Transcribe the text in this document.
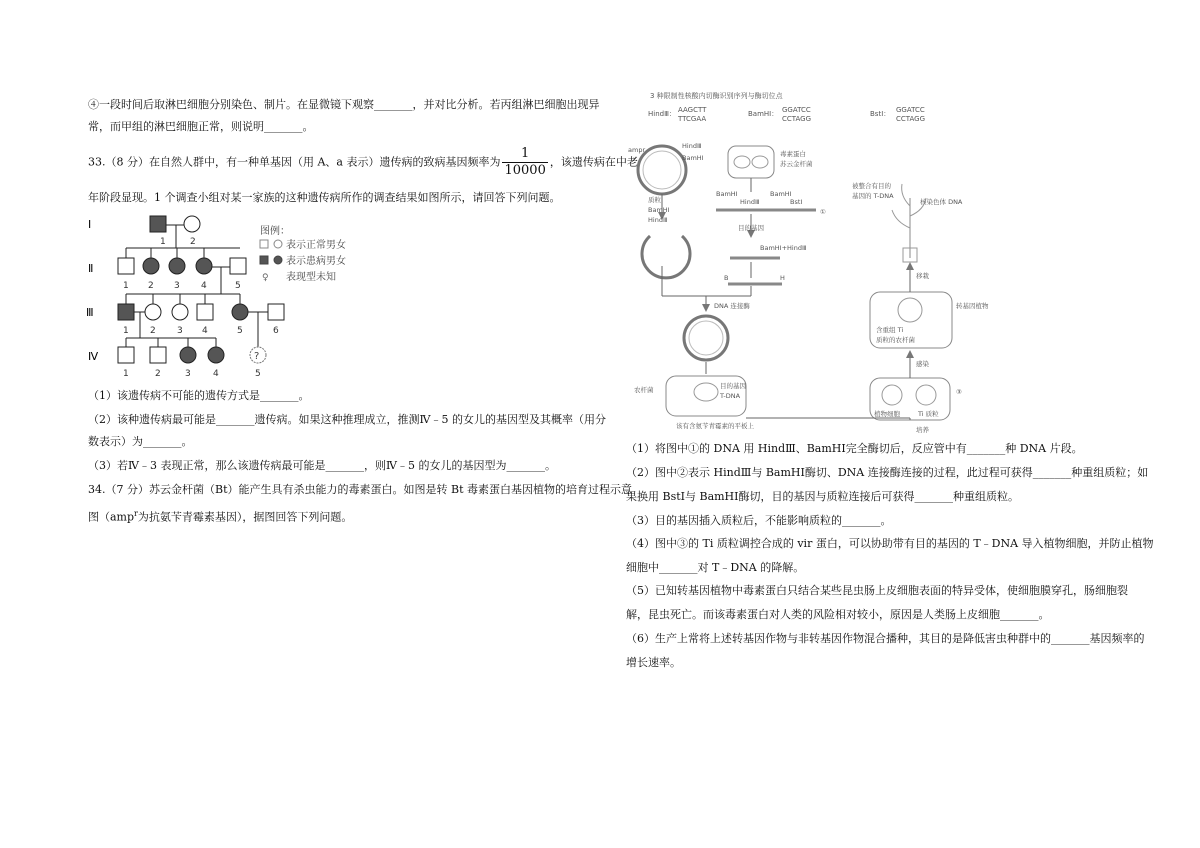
④一段时间后取淋巴细胞分别染色、制片。在显微镜下观察_______，并对比分析。若丙组淋巴细胞出现异
常，而甲组的淋巴细胞正常，则说明_______。
33.（8 分）在自然人群中，有一种单基因（用 A、a 表示）遗传病的致病基因频率为 $\frac{1}{10000}$ ，该遗传病在中老
年阶段显现。1 个调查小组对某一家族的这种遗传病所作的调查结果如图所示，请回答下列问题。
?
Ⅰ
Ⅱ
Ⅲ
Ⅳ
1	2
1 2 3 4	5
1 2 3 4	5	6
1	2	3 4	5
图例：
表示正常男女
表示患病男女
♀ 表现型未知
（1）该遗传病不可能的遗传方式是_______。
（2）该种遗传病最可能是_______遗传病。如果这种推理成立，推测Ⅳ﹣5 的女儿的基因型及其概率（用分
数表示）为_______。
（3）若Ⅳ﹣3 表现正常，那么该遗传病最可能是_______，则Ⅳ﹣5 的女儿的基因型为_______。
34.（7 分）苏云金杆菌（Bt）能产生具有杀虫能力的毒素蛋白。如图是转 Bt 毒素蛋白基因植物的培育过程示意
图（amp$^r$为抗氨苄青霉素基因），据图回答下列问题。
3 种限制性核酸内切酶识别序列与酶切位点
HindⅢ： AAGCTT
TTCGAA
BamHⅠ： GGATCC
CCTAGG
BstⅠ： GGATCC
CCTAGG
ampr	HindⅢ
BamHⅠ	毒素蛋白
苏云金杆菌
质粒
BamHⅠ
HindⅢ
BamHⅠ
HindⅢ
BamHⅠ
BstⅠ
①
目的基因
BamHⅠ+HindⅢ
B	H
DNA 连接酶
农杆菌	目的基因
T-DNA
该有含氨苄青霉素的平板上
被整合有目的
基因的 T-DNA
核染色体 DNA
移栽
含重组 Ti
质粒的农杆菌
感染
植物细胞	Ti 质粒
转基因植物
培养
③
（1）将图中①的 DNA 用 HindⅢ、BamHⅠ完全酶切后，反应管中有_______种 DNA 片段。
（2）图中②表示 HindⅢ与 BamHⅠ酶切、DNA 连接酶连接的过程，此过程可获得_______种重组质粒；如
果换用 BstⅠ与 BamHⅠ酶切，目的基因与质粒连接后可获得_______种重组质粒。
（3）目的基因插入质粒后，不能影响质粒的_______。
（4）图中③的 Ti 质粒调控合成的 vir 蛋白，可以协助带有目的基因的 T﹣DNA 导入植物细胞，并防止植物
细胞中_______对 T﹣DNA 的降解。
（5）已知转基因植物中毒素蛋白只结合某些昆虫肠上皮细胞表面的特异受体，使细胞膜穿孔，肠细胞裂
解，昆虫死亡。而该毒素蛋白对人类的风险相对较小，原因是人类肠上皮细胞_______。
（6）生产上常将上述转基因作物与非转基因作物混合播种，其目的是降低害虫种群中的_______基因频率的
增长速率。
